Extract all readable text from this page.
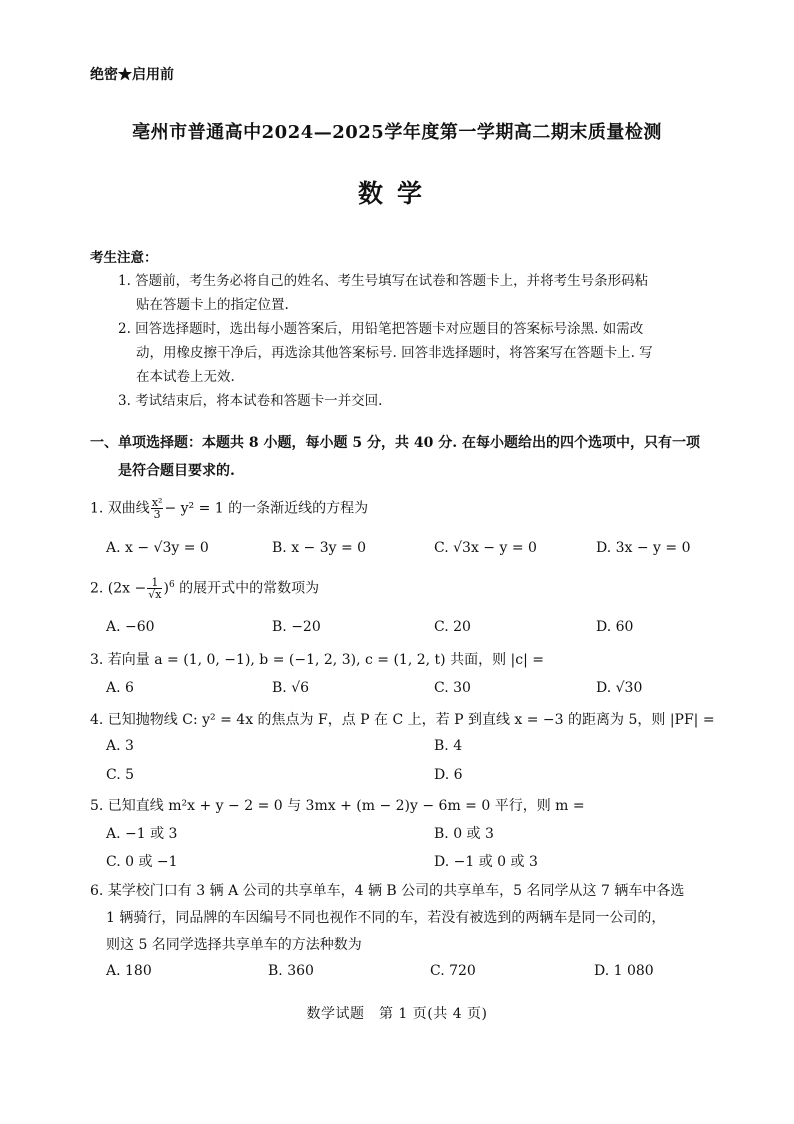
绝密★启用前
亳州市普通高中2024—2025学年度第一学期高二期末质量检测
数学
考生注意：
1. 答题前，考生务必将自己的姓名、考生号填写在试卷和答题卡上，并将考生号条形码粘
贴在答题卡上的指定位置.
2. 回答选择题时，选出每小题答案后，用铅笔把答题卡对应题目的答案标号涂黑. 如需改
动，用橡皮擦干净后，再选涂其他答案标号. 回答非选择题时，将答案写在答题卡上. 写
在本试卷上无效.
3. 考试结束后，将本试卷和答题卡一并交回.
一、单项选择题：本题共 8 小题，每小题 5 分，共 40 分. 在每小题给出的四个选项中，只有一项
是符合题目要求的.
1. 双曲线 $\frac{\text{x²}}{3} - y^2 = 1$ 的一条渐近线的方程为
A. x − √3y = 0	B. x − 3y = 0	C. √3x − y = 0	D. 3x − y = 0
2. $(2x - \frac{1}{√x} )^6$ 的展开式中的常数项为
A. −60	B. −20	C. 20	D. 60
3. 若向量 a = (1, 0, −1), b = (−1, 2, 3), c = (1, 2, t) 共面，则 |c| =
A. 6	B. √6	C. 30	D. √30
4. 已知抛物线 C: y² = 4x 的焦点为 F，点 P 在 C 上，若 P 到直线 x = −3 的距离为 5，则 |PF| =
A. 3	B. 4
C. 5	D. 6
5. 已知直线 m²x + y − 2 = 0 与 3mx + (m − 2)y − 6m = 0 平行，则 m =
A. −1 或 3	B. 0 或 3
C. 0 或 −1	D. −1 或 0 或 3
6. 某学校门口有 3 辆 A 公司的共享单车，4 辆 B 公司的共享单车，5 名同学从这 7 辆车中各选
1 辆骑行，同品牌的车因编号不同也视作不同的车，若没有被选到的两辆车是同一公司的，
则这 5 名同学选择共享单车的方法种数为
A. 180	B. 360	C. 720	D. 1 080
数学试题　第 1 页(共 4 页)
